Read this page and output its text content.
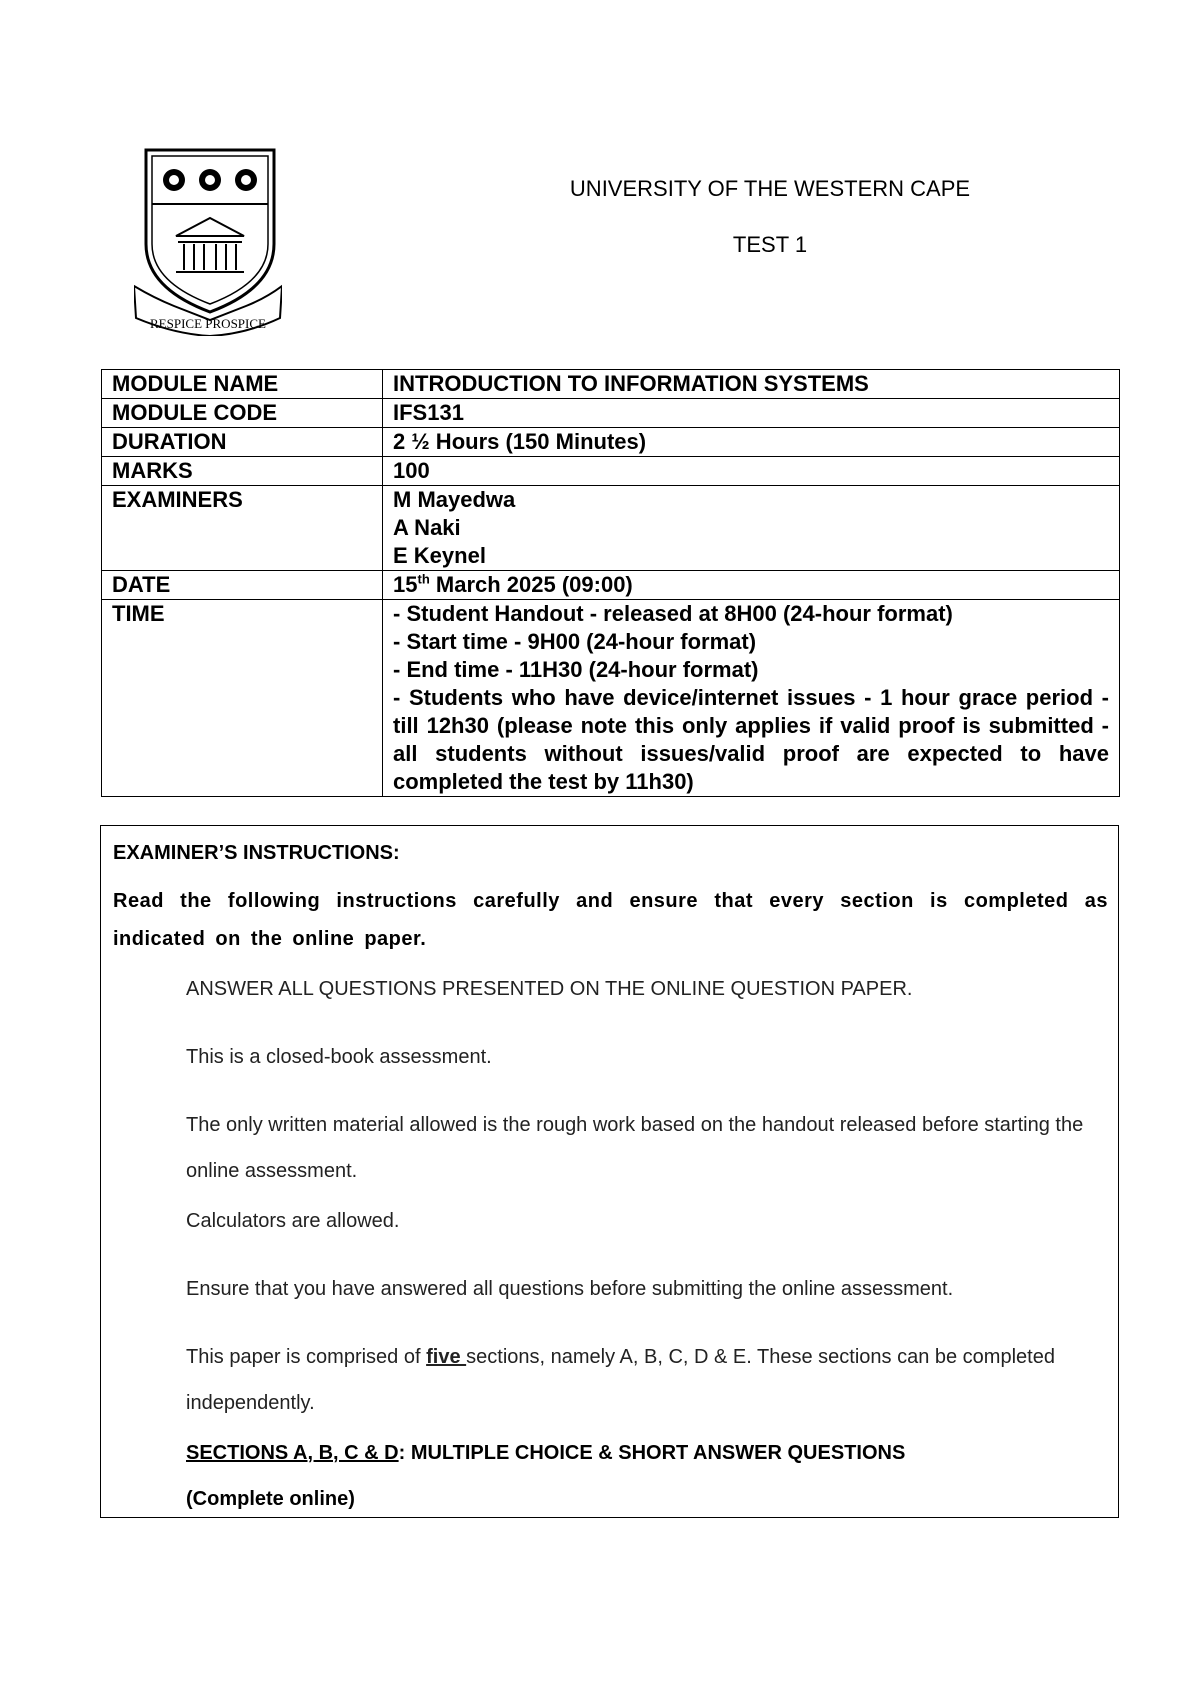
RESPICE PROSPICE
UNIVERSITY OF THE WESTERN CAPE
TEST 1
MODULE NAME	INTRODUCTION TO INFORMATION SYSTEMS
MODULE CODE	IFS131
DURATION	2 ½ Hours (150 Minutes)
MARKS	100
EXAMINERS	M Mayedwa
A Naki
E Keynel

DATE	15th March 2025 (09:00)
TIME	- Student Handout - released at 8H00 (24-hour format)
- Start time - 9H00 (24-hour format)
- End time - 11H30 (24-hour format)
- Students who have device/internet issues - 1 hour grace period - till 12h30 (please note this only applies if valid proof is submitted - all students without issues/valid proof are expected to have completed the test by 11h30)
EXAMINER’S INSTRUCTIONS:
Read the following instructions carefully and ensure that every section is completed as indicated on the online paper.
ANSWER ALL QUESTIONS PRESENTED ON THE ONLINE QUESTION PAPER.
This is a closed-book assessment.
The only written material allowed is the rough work based on the handout released before starting the online assessment.
Calculators are allowed.
Ensure that you have answered all questions before submitting the online assessment.
This paper is comprised of five sections, namely A, B, C, D & E. These sections can be completed independently.
SECTIONS A, B, C & D: MULTIPLE CHOICE & SHORT ANSWER QUESTIONS
(Complete online)
